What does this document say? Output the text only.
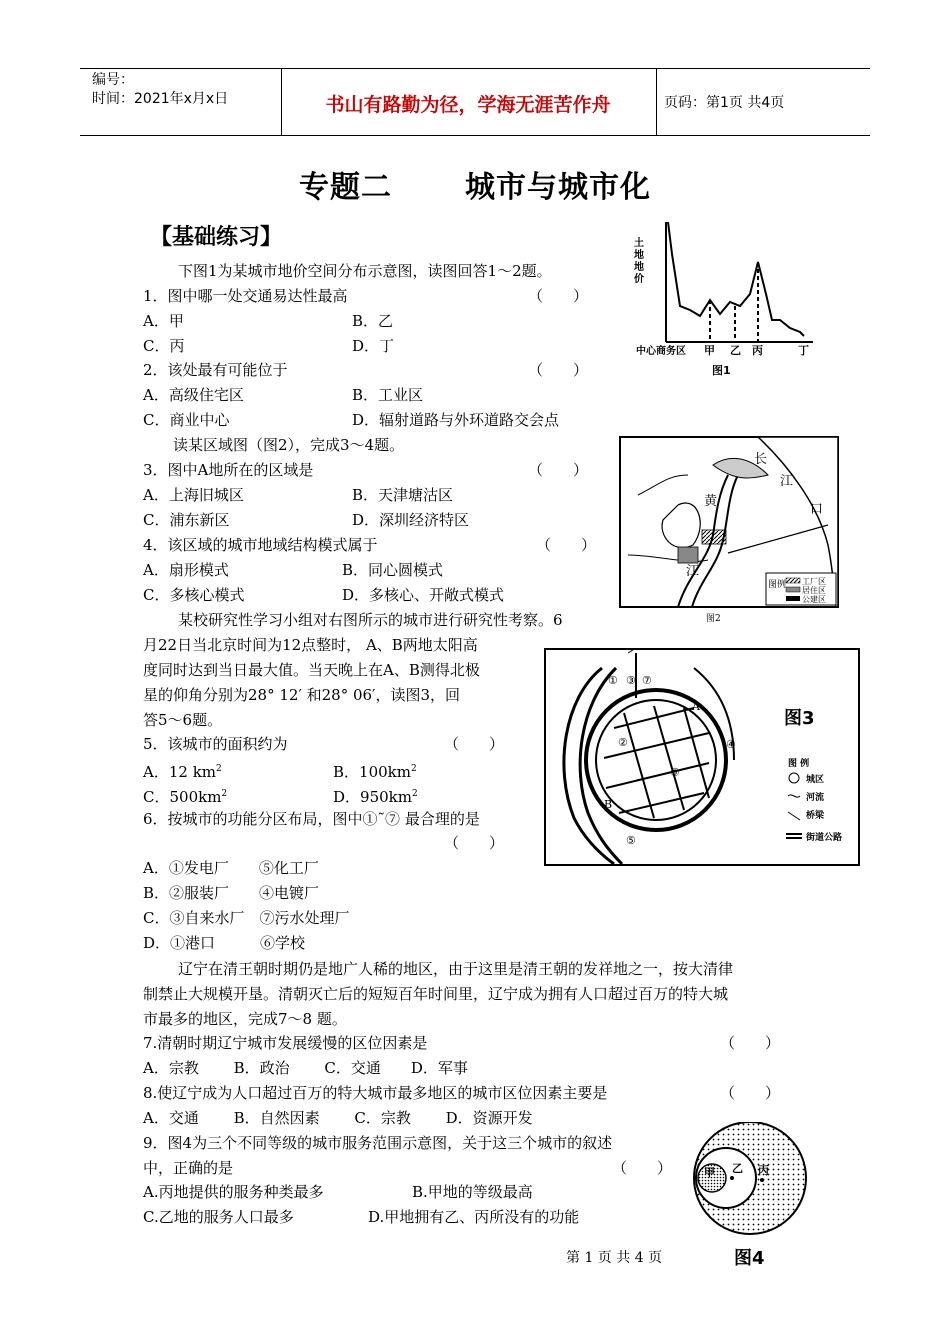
编号：
时间：2021年x月x日	书山有路勤为径，学海无涯苦作舟	页码：第1页 共4页
专题二 城市与城市化
【基础练习】
下图1为某城市地价空间分布示意图，读图回答1～2题。
1．图中哪一处交通易达性最高	（　　）
A．甲	B．乙
C．丙	D．丁
2．该处最有可能位于	（　　）
A．高级住宅区	B．工业区
C．商业中心	D．辐射道路与外环道路交会点
读某区域图（图2），完成3～4题。
3．图中A地所在的区域是	（　　）
A．上海旧城区	B．天津塘沽区
C．浦东新区	D．深圳经济特区
4．该区域的城市地域结构模式属于	（　　）
A．扇形模式	B．同心圆模式
C．多核心模式	D．多核心、开敞式模式
某校研究性学习小组对右图所示的城市进行研究性考察。6
月22日当北京时间为12点整时， A、B两地太阳高
度同时达到当日最大值。当天晚上在A、B测得北极
星的仰角分别为28° 12′ 和28° 06′，读图3，回
答5～6题。
5．该城市的面积约为	（　　）
A．12 $km^2$	B．$100km^2$
C．$500km^2$	D．$950km^2$
6．按城市的功能分区布局，图中①˜⑦ 最合理的是
（　　）
A．①发电厂　　⑤化工厂
B．②服装厂　　④电镀厂
C．③自来水厂　⑦污水处理厂
D．①港口　　　⑥学校
辽宁在清王朝时期仍是地广人稀的地区，由于这里是清王朝的发祥地之一，按大清律
制禁止大规模开垦。清朝灭亡后的短短百年时间里，辽宁成为拥有人口超过百万的特大城
市最多的地区，完成7～8 题。
7.清朝时期辽宁城市发展缓慢的区位因素是	（　　）
A．宗教　　 B．政治　　 C．交通　　D．军事
8.使辽宁成为人口超过百万的特大城市最多地区的城市区位因素主要是	（　　）
A．交通　　 B．自然因素　　 C．宗教　　 D．资源开发
9．图4为三个不同等级的城市服务范围示意图，关于这三个城市的叙述
中，正确的是	（　　）
A.丙地提供的服务种类最多	B.甲地的等级最高
C.乙地的服务人口最多	D.甲地拥有乙、丙所没有的功能
第 1 页 共 4 页
土
地
地
价
中心商务区 甲 乙 丙	丁
图1
长
江
口
黄
江
图例 工厂区
居住区
公建区
图2
A
B
①
②
③
④
⑤
⑥
⑦
图3
图 例
城区
河流
桥梁
街道公路
甲 乙 丙
图4
